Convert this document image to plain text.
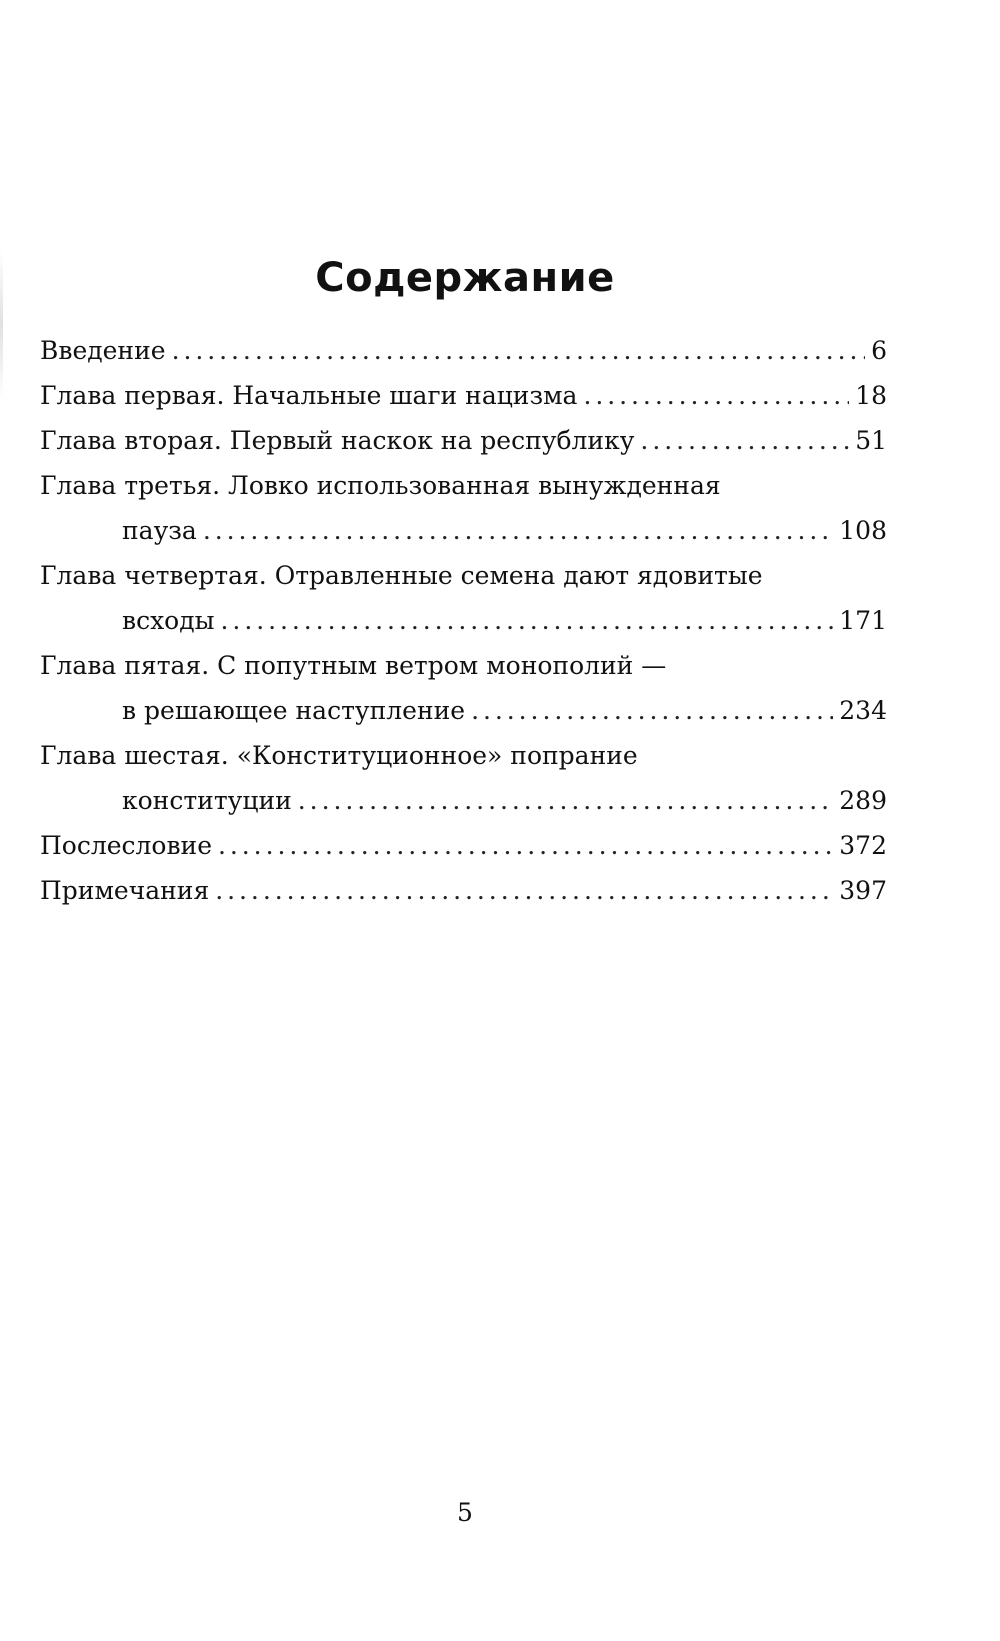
Содержание
Введение . . .	6
Глава первая. Начальные шаги нацизма . . .	18
Глава вторая. Первый наскок на республику . . .	51
Глава третья. Ловко использованная вынужденная
пауза . . .	108
Глава четвертая. Отравленные семена дают ядовитые
всходы . . .	171
Глава пятая. С попутным ветром монополий —
в решающее наступление . . .	234
Глава шестая. «Конституционное» попрание
конституции . . .	289
Послесловие . . .	372
Примечания . . .	397
5
